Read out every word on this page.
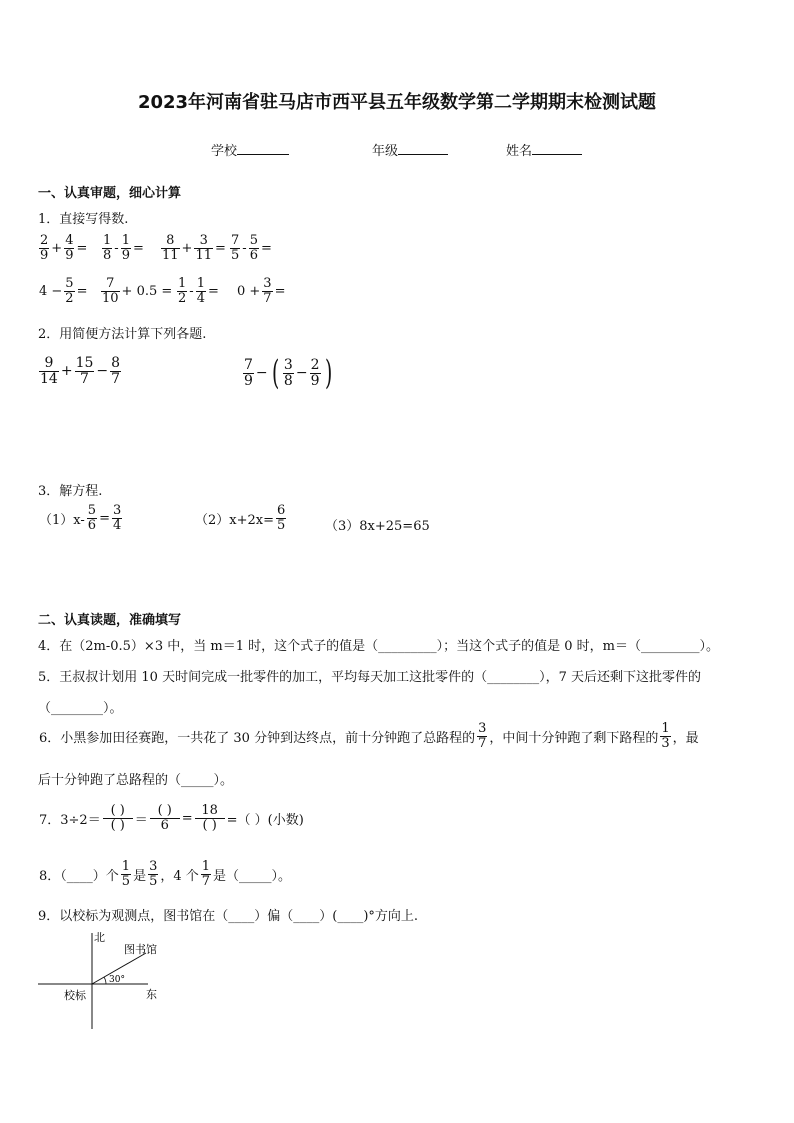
2023年河南省驻马店市西平县五年级数学第二学期期末检测试题
学校	年级	姓名
一、认真审题，细心计算
1．直接写得数.
$\frac{2}{9} + \frac{4}{9} = \frac{1}{8} - \frac{1}{9} = \frac{8}{11} + \frac{3}{11} = \frac{7}{5} - \frac{5}{6}$ =
$4 - \frac{5}{2} = \frac{7}{10} + 0.5 = \frac{1}{2} - \frac{1}{4} = 0 + \frac{3}{7}$ =
2．用简便方法计算下列各题.
$\frac{9}{14} + \frac{15}{7} - \frac{8}{7}$	$\frac{7}{9}$ − ( $\frac{3}{8} - \frac{2}{9}$ )
3．解方程.
$(1)x- \frac{5}{6} = \frac{3}{4}$	$(2)x+2x= \frac{6}{5}$	（3）8x+25=65
二、认真读题，准确填写
4．在（2m-0.5）×3 中，当 m＝1 时，这个式子的值是（_________）；当这个式子的值是 0 时，m＝（_________）。
5．王叔叔计划用 10 天时间完成一批零件的加工，平均每天加工这批零件的（________），7 天后还剩下这批零件的
（________）。
6．小黑参加田径赛跑，一共花了 30 分钟到达终点，前十分钟跑了总路程的 $\frac{3}{7}$ ，中间十分钟跑了剩下路程的 $\frac{1}{3}$ ，最
后十分钟跑了总路程的（_____）。
7．$3\div 2= \frac{( )}{( )} = \frac{( )}{6} = \frac{18}{( )}$ =（ ）(小数)
8．（____）个 $\frac{1}{5}$ 是 $\frac{3}{5}$ ，4 个 $\frac{1}{7}$ 是（_____）。
9．以校标为观测点，图书馆在（____）偏（____）(____)°方向上.
北
东
校标
图书馆
30°
